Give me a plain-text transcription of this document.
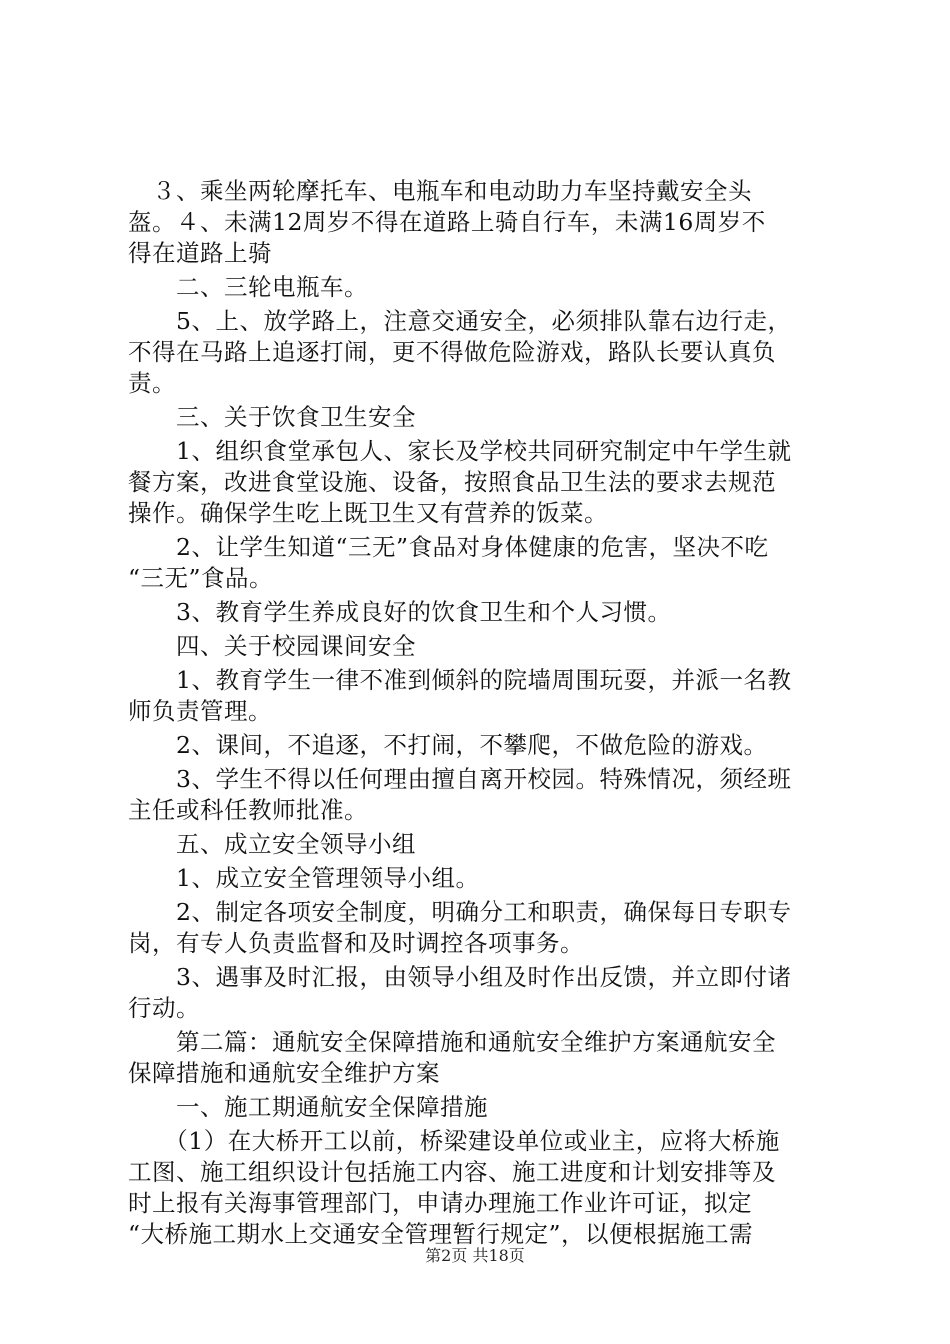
　３、乘坐两轮摩托车、电瓶车和电动助力车坚持戴安全头
盔。４、未满12周岁不得在道路上骑自行车，未满16周岁不
得在道路上骑
　　二、三轮电瓶车。
　　5、上、放学路上，注意交通安全，必须排队靠右边行走，
不得在马路上追逐打闹，更不得做危险游戏，路队长要认真负
责。
　　三、关于饮食卫生安全
　　1、组织食堂承包人、家长及学校共同研究制定中午学生就
餐方案，改进食堂设施、设备，按照食品卫生法的要求去规范
操作。确保学生吃上既卫生又有营养的饭菜。
　　2、让学生知道“三无”食品对身体健康的危害，坚决不吃
“三无”食品。
　　3、教育学生养成良好的饮食卫生和个人习惯。
　　四、关于校园课间安全
　　1、教育学生一律不准到倾斜的院墙周围玩耍，并派一名教
师负责管理。
　　2、课间，不追逐，不打闹，不攀爬，不做危险的游戏。
　　3、学生不得以任何理由擅自离开校园。特殊情况，须经班
主任或科任教师批准。
　　五、成立安全领导小组
　　1、成立安全管理领导小组。
　　2、制定各项安全制度，明确分工和职责，确保每日专职专
岗，有专人负责监督和及时调控各项事务。
　　3、遇事及时汇报，由领导小组及时作出反馈，并立即付诸
行动。
　　第二篇：通航安全保障措施和通航安全维护方案通航安全
保障措施和通航安全维护方案
　　一、施工期通航安全保障措施
　　（1）在大桥开工以前，桥梁建设单位或业主，应将大桥施
工图、施工组织设计包括施工内容、施工进度和计划安排等及
时上报有关海事管理部门，申请办理施工作业许可证，拟定
“大桥施工期水上交通安全管理暂行规定”，以便根据施工需
第2页 共18页
